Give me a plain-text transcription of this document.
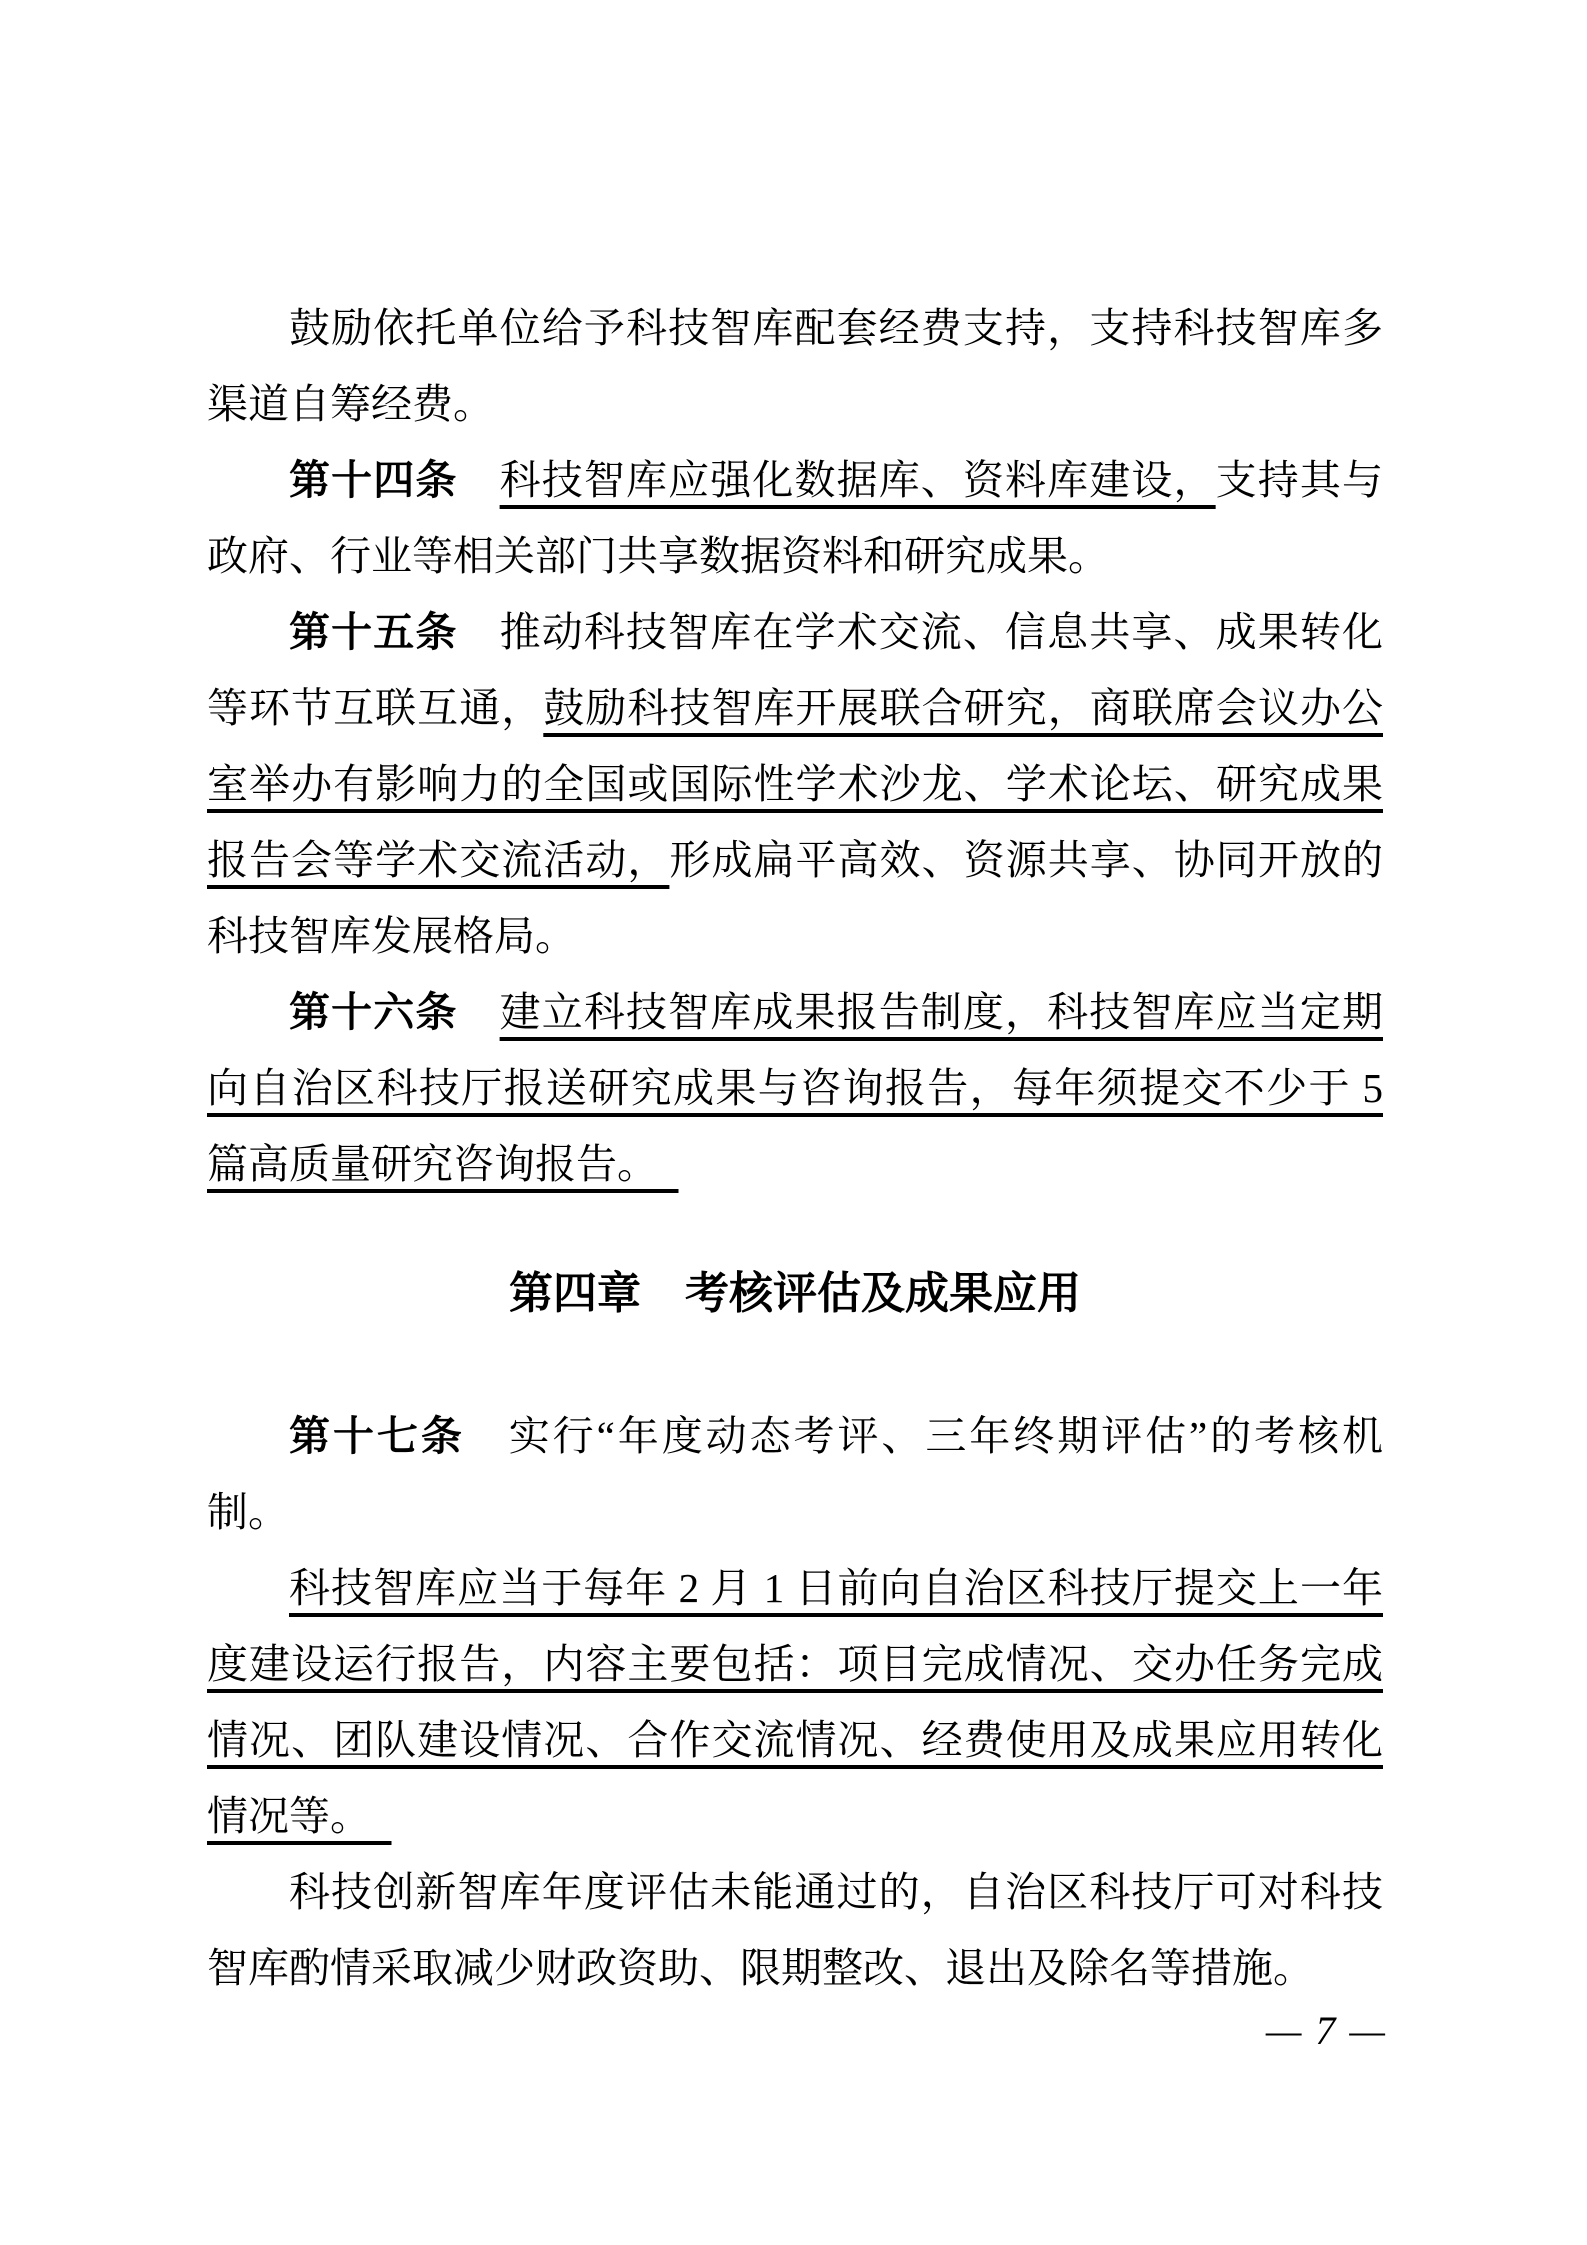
鼓励依托单位给予科技智库配套经费支持，支持科技智库多
渠道自筹经费。
第十四条　 科技智库应强化数据库、资料库建设，支持其与
政府、行业等相关部门共享数据资料和研究成果。
第十五条　 推动科技智库在学术交流、信息共享、成果转化
等环节互联互通，鼓励科技智库开展联合研究，商联席会议办公
室举办有影响力的全国或国际性学术沙龙、学术论坛、研究成果
报告会等学术交流活动，形成扁平高效、资源共享、协同开放的
科技智库发展格局。
第十六条　 建立科技智库成果报告制度，科技智库应当定期
向自治区科技厅报送研究成果与咨询报告，每年须提交不少于 5
篇高质量研究咨询报告。　
第四章　考核评估及成果应用
第十七条　 实行“年度动态考评、三年终期评估”的考核机
制。
科技智库应当于每年 2 月 1 日前向自治区科技厅提交上一年
度建设运行报告，内容主要包括：项目完成情况、交办任务完成
情况、团队建设情况、合作交流情况、经费使用及成果应用转化
情况等。　
科技创新智库年度评估未能通过的，自治区科技厅可对科技
智库酌情采取减少财政资助、限期整改、退出及除名等措施。
— 7 —
